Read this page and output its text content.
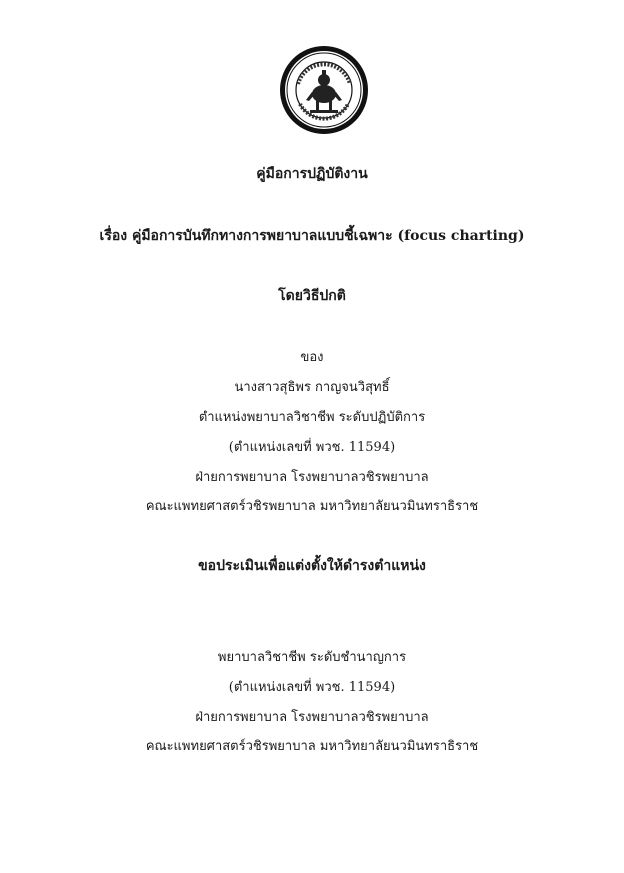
คู่มือการปฏิบัติงาน
เรื่อง คู่มือการบันทึกทางการพยาบาลแบบชี้เฉพาะ (focus charting)
โดยวิธีปกติ
ของ
นางสาวสุธิพร กาญจนวิสุทธิ์
ตำแหน่งพยาบาลวิชาชีพ ระดับปฏิบัติการ
(ตำแหน่งเลขที่ พวช. 11594)
ฝ่ายการพยาบาล โรงพยาบาลวชิรพยาบาล
คณะแพทยศาสตร์วชิรพยาบาล มหาวิทยาลัยนวมินทราธิราช
ขอประเมินเพื่อแต่งตั้งให้ดำรงตำแหน่ง
พยาบาลวิชาชีพ ระดับชำนาญการ
(ตำแหน่งเลขที่ พวช. 11594)
ฝ่ายการพยาบาล โรงพยาบาลวชิรพยาบาล
คณะแพทยศาสตร์วชิรพยาบาล มหาวิทยาลัยนวมินทราธิราช
